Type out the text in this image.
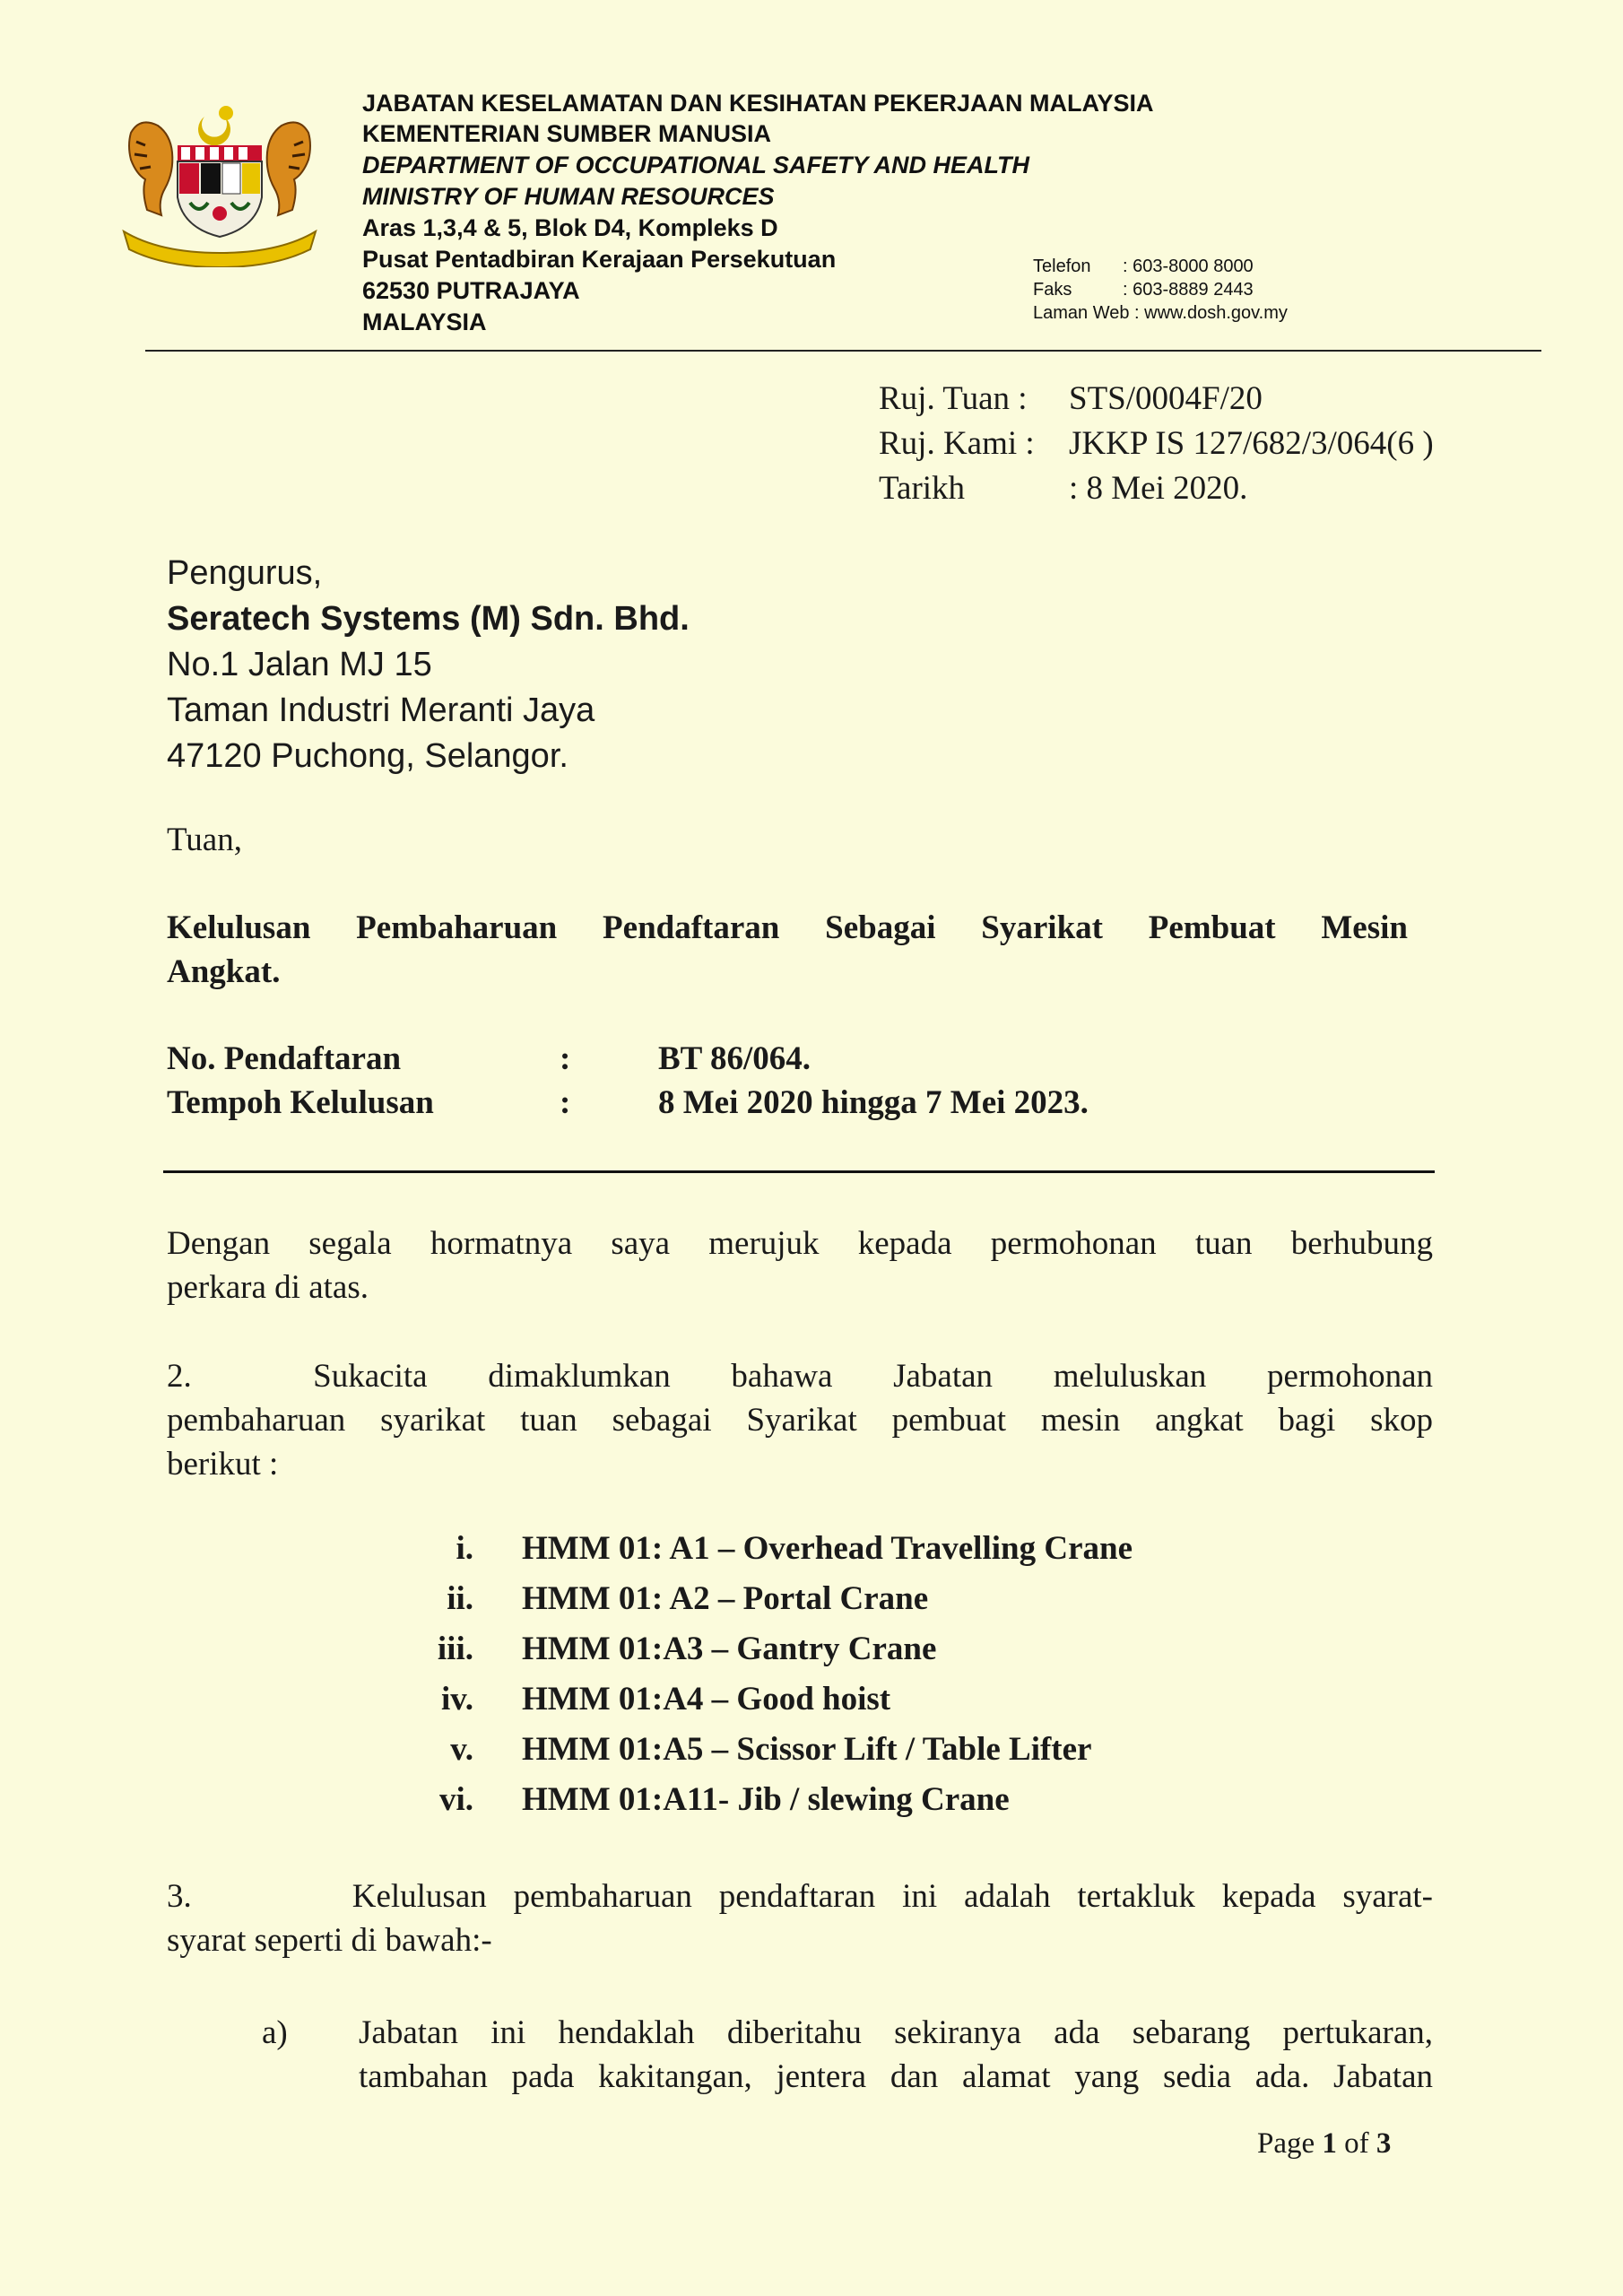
JABATAN KESELAMATAN DAN KESIHATAN PEKERJAAN MALAYSIA
KEMENTERIAN SUMBER MANUSIA
DEPARTMENT OF OCCUPATIONAL SAFETY AND HEALTH
MINISTRY OF HUMAN RESOURCES
Aras 1,3,4 & 5, Blok D4, Kompleks D
Pusat Pentadbiran Kerajaan Persekutuan
62530 PUTRAJAYA
MALAYSIA
Telefon : 603-8000 8000
Faks	: 603-8889 2443
Laman Web : www.dosh.gov.my
Ruj. Tuan : STS/0004F/20
Ruj. Kami : JKKP IS 127/682/3/064(6 )
Tarikh	: 8 Mei 2020.
Pengurus,
Seratech Systems (M) Sdn. Bhd.
No.1 Jalan MJ 15
Taman Industri Meranti Jaya
47120 Puchong, Selangor.
Tuan,
Kelulusan Pembaharuan Pendaftaran Sebagai Syarikat Pembuat Mesin
Angkat.
No. Pendaftaran	:	BT 86/064.
Tempoh Kelulusan	:	8 Mei 2020 hingga 7 Mei 2023.
Dengan segala hormatnya saya merujuk kepada permohonan tuan berhubung
perkara di atas.
2.      Sukacita   dimaklumkan   bahawa   Jabatan   meluluskan   permohonan
pembaharuan syarikat tuan sebagai Syarikat pembuat mesin angkat bagi skop
berikut :
i. HMM 01: A1 – Overhead Travelling Crane
ii. HMM 01: A2 – Portal Crane
iii. HMM 01:A3 – Gantry Crane
iv. HMM 01:A4 – Good hoist
v. HMM 01:A5 – Scissor Lift / Table Lifter
vi. HMM 01:A11- Jib / slewing Crane
3.      Kelulusan pembaharuan pendaftaran ini adalah tertakluk kepada syarat-
syarat seperti di bawah:-
a) Jabatan ini hendaklah diberitahu sekiranya ada sebarang pertukaran,
tambahan pada kakitangan, jentera dan alamat yang sedia ada. Jabatan
Page 1 of 3
